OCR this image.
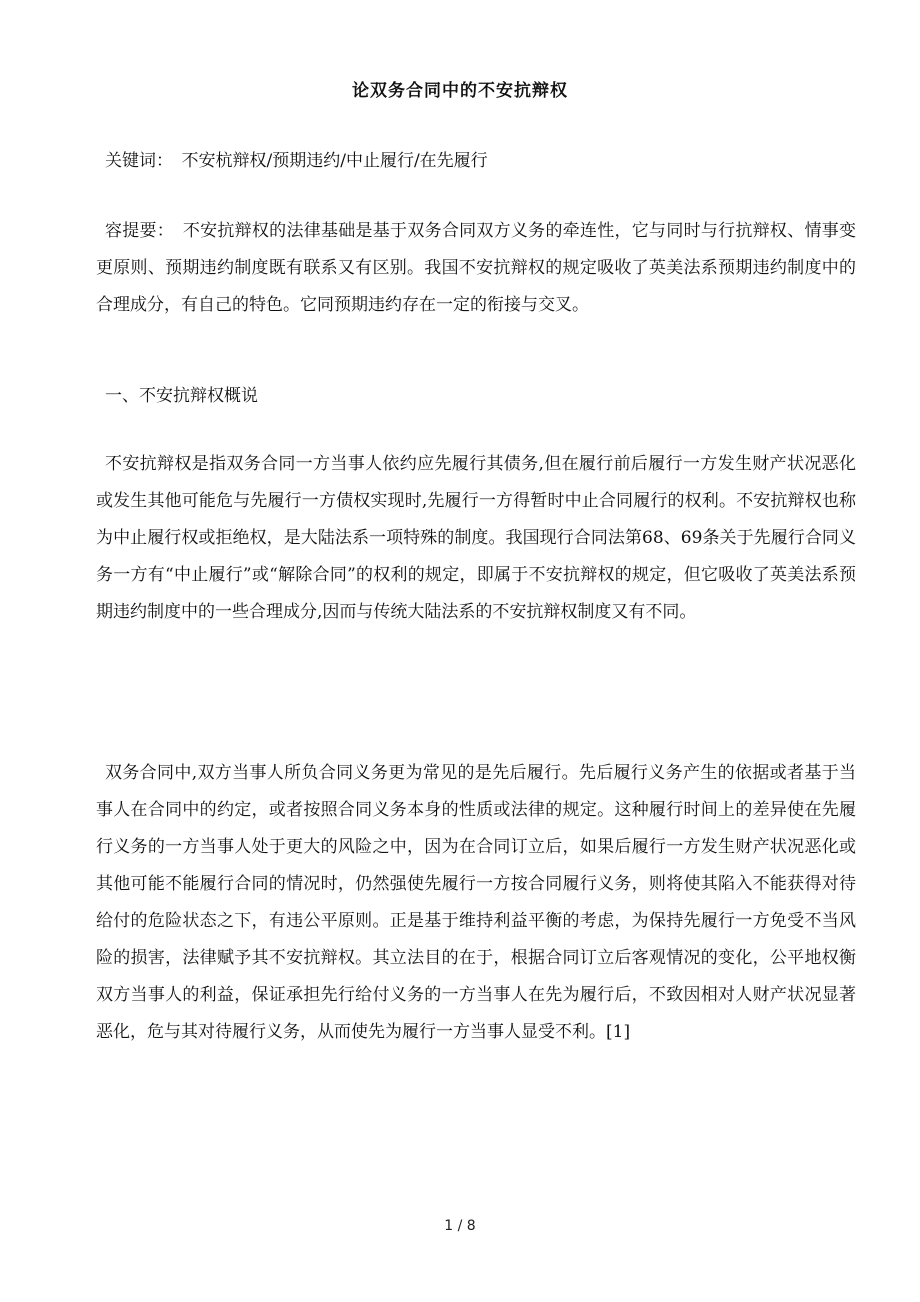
论双务合同中的不安抗辩权

关键词：　不安杭辩权/预期违约/中止履行/在先履行

容提要：　不安抗辩权的法律基础是基于双务合同双方义务的牵连性，它与同时与行抗辩权、情事变更原则、预期违约制度既有联系又有区别。我国不安抗辩权的规定吸收了英美法系预期违约制度中的合理成分，有自己的特色。它同预期违约存在一定的衔接与交叉。

一、不安抗辩权概说

不安抗辩权是指双务合同一方当事人依约应先履行其债务,但在履行前后履行一方发生财产状况恶化或发生其他可能危与先履行一方债权实现时,先履行一方得暂时中止合同履行的权利。不安抗辩权也称为中止履行权或拒绝权，是大陆法系一项特殊的制度。我国现行合同法第68、69条关于先履行合同义务一方有“中止履行”或“解除合同”的权利的规定，即属于不安抗辩权的规定，但它吸收了英美法系预期违约制度中的一些合理成分,因而与传统大陆法系的不安抗辩权制度又有不同。

双务合同中,双方当事人所负合同义务更为常见的是先后履行。先后履行义务产生的依据或者基于当事人在合同中的约定，或者按照合同义务本身的性质或法律的规定。这种履行时间上的差异使在先履行义务的一方当事人处于更大的风险之中，因为在合同订立后，如果后履行一方发生财产状况恶化或其他可能不能履行合同的情况时，仍然强使先履行一方按合同履行义务，则将使其陷入不能获得对待给付的危险状态之下，有违公平原则。正是基于维持利益平衡的考虑，为保持先履行一方免受不当风险的损害，法律赋予其不安抗辩权。其立法目的在于，根据合同订立后客观情况的变化，公平地权衡双方当事人的利益，保证承担先行给付义务的一方当事人在先为履行后，不致因相对人财产状况显著恶化，危与其对待履行义务，从而使先为履行一方当事人显受不利。[1]

1 / 8
